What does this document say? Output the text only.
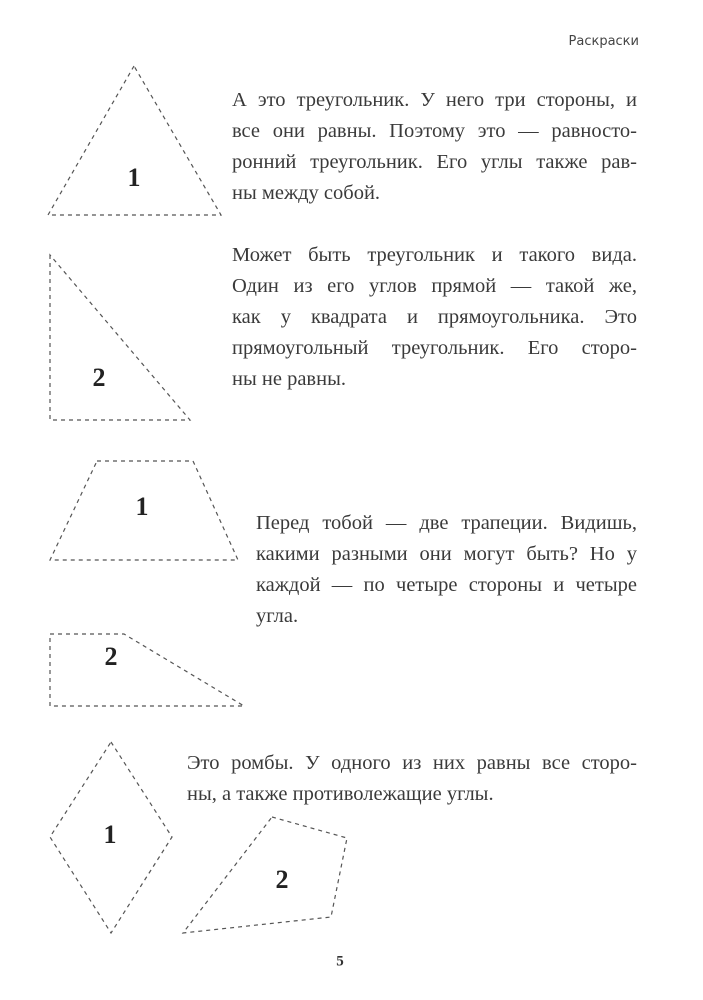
Раскраски
1
2
1
2
1
2
А это треугольник. У него три стороны, и
все они равны. Поэтому это — равносто-
ронний треугольник. Его углы также рав-
ны между собой.
Может быть треугольник и такого вида.
Один из его углов прямой — такой же,
как у квадрата и прямоугольника. Это
прямоугольный треугольник. Его сторо-
ны не равны.
Перед тобой — две трапеции. Видишь,
какими разными они могут быть? Но у
каждой — по четыре стороны и четыре
угла.
Это ромбы. У одного из них равны все сторо-
ны, а также противолежащие углы.
5
